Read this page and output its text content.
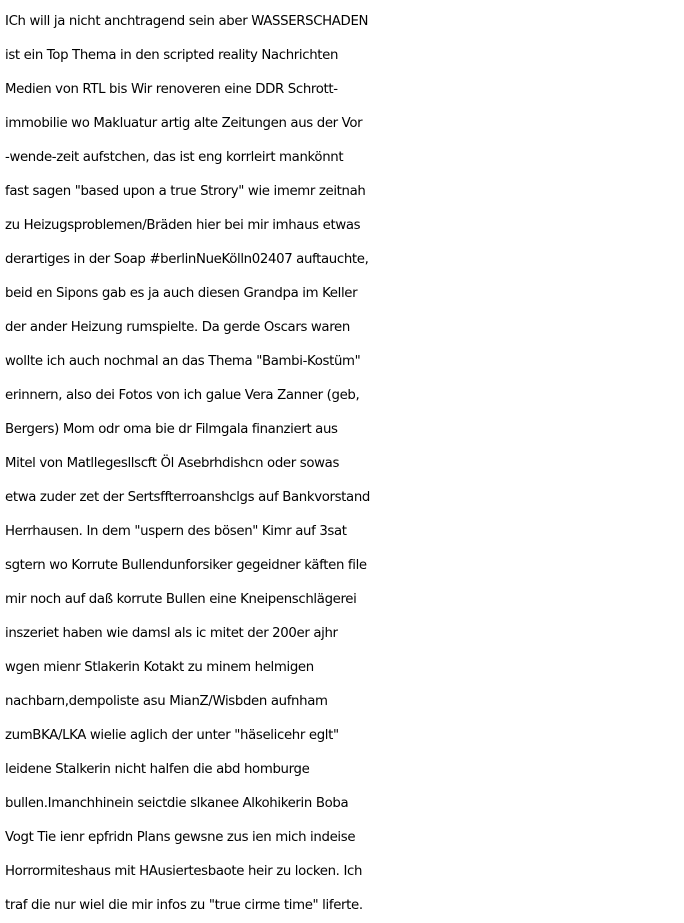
ICh will ja nicht anchtragend sein aber WASSERSCHADEN
ist ein Top Thema in den scripted reality Nachrichten
Medien von RTL bis Wir renoveren eine DDR Schrott-
immobilie wo Makluatur artig alte Zeitungen aus der Vor
-wende-zeit aufstchen, das ist eng korrleirt mankönnt
fast sagen "based upon a true Strory" wie imemr zeitnah
zu Heizugsproblemen/Bräden hier bei mir imhaus etwas
derartiges in der Soap #berlinNueKölln02407 auftauchte,
beid en Sipons gab es ja auch diesen Grandpa im Keller
der ander Heizung rumspielte. Da gerde Oscars waren
wollte ich auch nochmal an das Thema "Bambi-Kostüm"
erinnern, also dei Fotos von ich galue Vera Zanner (geb,
Bergers) Mom odr oma bie dr Filmgala finanziert aus
Mitel von Matllegesllscft Öl Asebrhdishcn oder sowas
etwa zuder zet der Sertsffterroanshclgs auf Bankvorstand
Herrhausen. In dem "uspern des bösen" Kimr auf 3sat
sgtern wo Korrute Bullendunforsiker gegeidner käften file
mir noch auf daß korrute Bullen eine Kneipenschlägerei
inszeriet haben wie damsl als ic mitet der 200er ajhr
wgen mienr Stlakerin Kotakt zu minem helmigen
nachbarn,dempoliste asu MianZ/Wisbden aufnham
zumBKA/LKA wielie aglich der unter "häselicehr eglt"
leidene Stalkerin nicht halfen die abd homburge
bullen.Imanchhinein seictdie slkanee Alkohikerin Boba
Vogt Tie ienr epfridn Plans gewsne zus ien mich indeise
Horrormiteshaus mit HAusiertesbaote heir zu locken. Ich
traf die nur wiel die mir infos zu "true cirme time" liferte.
